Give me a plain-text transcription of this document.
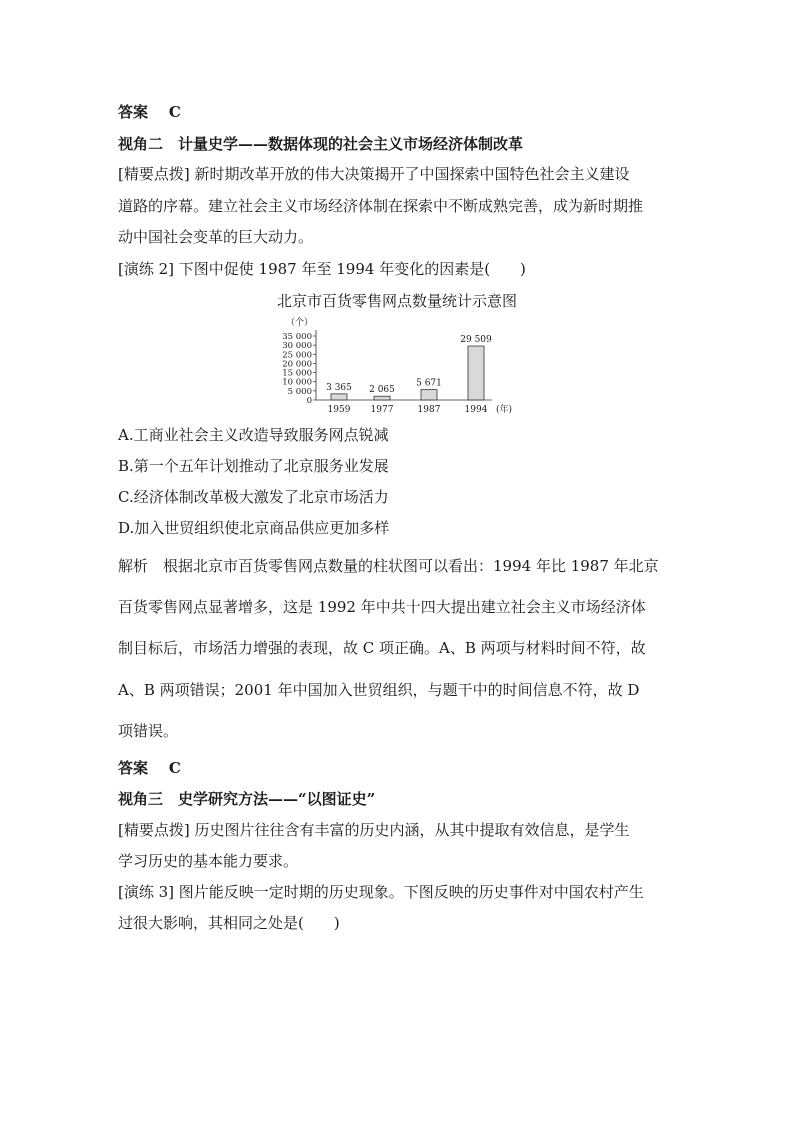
答案 C
视角二　计量史学——数据体现的社会主义市场经济体制改革
[精要点拨] 新时期改革开放的伟大决策揭开了中国探索中国特色社会主义建设
道路的序幕。建立社会主义市场经济体制在探索中不断成熟完善，成为新时期推
动中国社会变革的巨大动力。
[演练 2] 下图中促使 1987 年至 1994 年变化的因素是(　　)
北京市百货零售网点数量统计示意图
（个）
0
5 000
10 000
15 000
20 000
25 000
30 000
35 000
3 365
1959
2 065
1977
5 671
1987
29 509
1994 (年)
A.工商业社会主义改造导致服务网点锐减
B.第一个五年计划推动了北京服务业发展
C.经济体制改革极大激发了北京市场活力
D.加入世贸组织使北京商品供应更加多样
解析　根据北京市百货零售网点数量的柱状图可以看出：1994 年比 1987 年北京
百货零售网点显著增多，这是 1992 年中共十四大提出建立社会主义市场经济体
制目标后，市场活力增强的表现，故 C 项正确。A、B 两项与材料时间不符，故
A、B 两项错误；2001 年中国加入世贸组织，与题干中的时间信息不符，故 D
项错误。
答案 C
视角三　史学研究方法——“以图证史”
[精要点拨] 历史图片往往含有丰富的历史内涵，从其中提取有效信息，是学生
学习历史的基本能力要求。
[演练 3] 图片能反映一定时期的历史现象。下图反映的历史事件对中国农村产生
过很大影响，其相同之处是(　　)
